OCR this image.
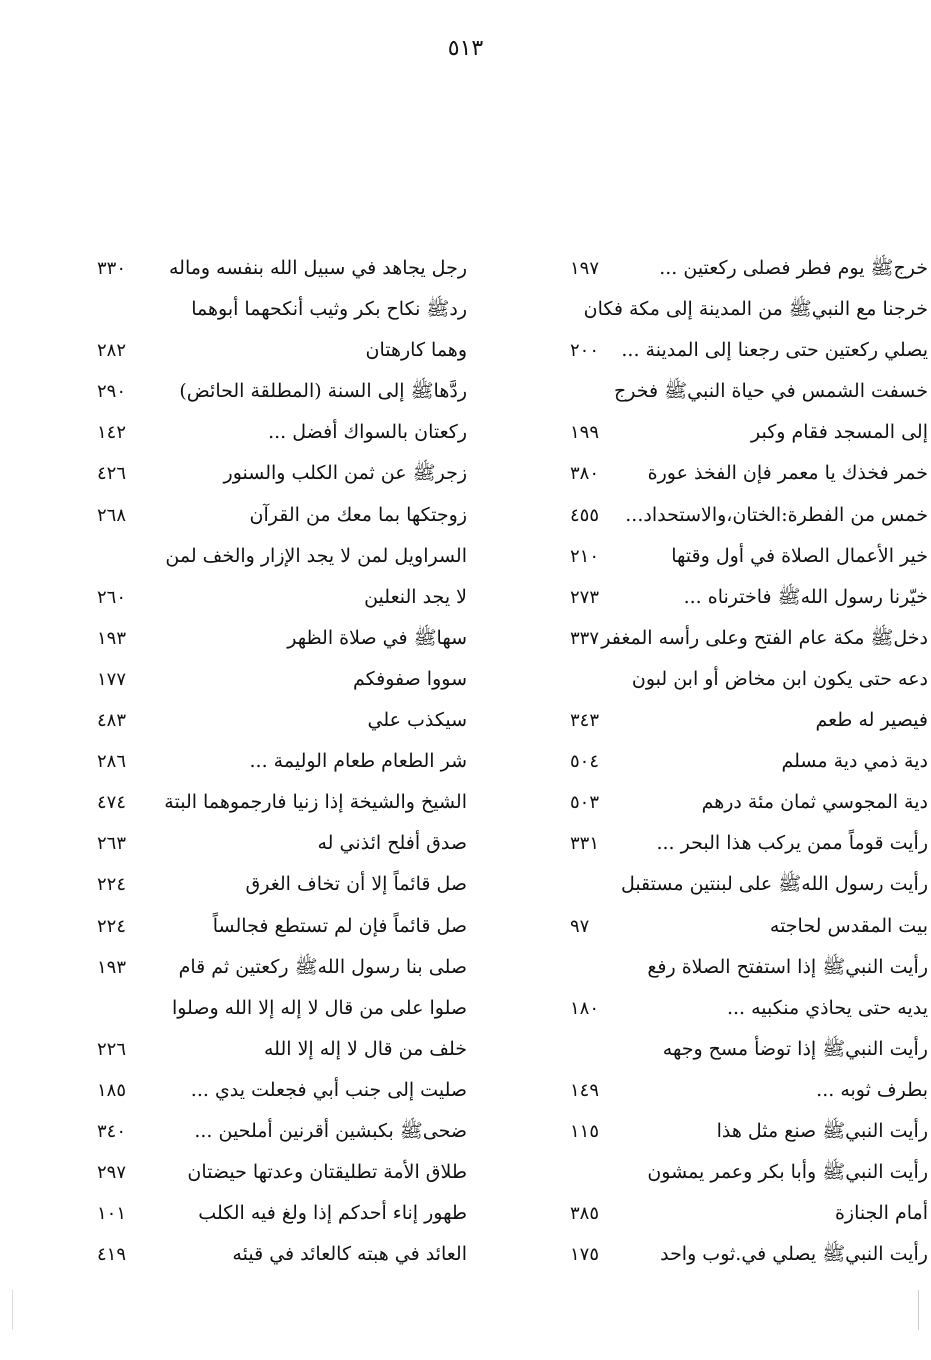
٥١٣
خرجﷺ يوم فطر فصلى ركعتين ...
١٩٧
خرجنا مع النبيﷺ من المدينة إلى مكة فكان
يصلي ركعتين حتى رجعنا إلى المدينة ...
٢٠٠
خسفت الشمس في حياة النبيﷺ فخرج
إلى المسجد فقام وكبر
١٩٩
خمر فخذك يا معمر فإن الفخذ عورة
٣٨٠
خمس من الفطرة:الختان،والاستحداد...
٤٥٥
خير الأعمال الصلاة في أول وقتها
٢١٠
خيّرنا رسول اللهﷺ فاخترناه ...
٢٧٣
دخلﷺ مكة عام الفتح وعلى رأسه المغفر
٣٣٧
دعه حتى يكون ابن مخاض أو ابن لبون
فيصير له طعم
٣٤٣
دية ذمي دية مسلم
٥٠٤
دية المجوسي ثمان مئة درهم
٥٠٣
رأيت قوماً ممن يركب هذا البحر ...
٣٣١
رأيت رسول اللهﷺ على لبنتين مستقبل
بيت المقدس لحاجته
٩٧
رأيت النبيﷺ إذا استفتح الصلاة رفع
يديه حتى يحاذي منكبيه ...
١٨٠
رأيت النبيﷺ إذا توضأ مسح وجهه
بطرف ثوبه ...
١٤٩
رأيت النبيﷺ صنع مثل هذا
١١٥
رأيت النبيﷺ وأبا بكر وعمر يمشون
أمام الجنازة
٣٨٥
رأيت النبيﷺ يصلي في.ثوب واحد
١٧٥
رجل يجاهد في سبيل الله بنفسه وماله
٣٣٠
ردﷺ نكاح بكر وثيب أنكحهما أبوهما
وهما كارهتان
٢٨٢
ردَّهاﷺ إلى السنة (المطلقة الحائض)
٢٩٠
ركعتان بالسواك أفضل ...
١٤٢
زجرﷺ عن ثمن الكلب والسنور
٤٢٦
زوجتكها بما معك من القرآن
٢٦٨
السراويل لمن لا يجد الإزار والخف لمن
لا يجد النعلين
٢٦٠
سهاﷺ في صلاة الظهر
١٩٣
سووا صفوفكم
١٧٧
سيكذب علي
٤٨٣
شر الطعام طعام الوليمة ...
٢٨٦
الشيخ والشيخة إذا زنيا فارجموهما البتة
٤٧٤
صدق أفلح ائذني له
٢٦٣
صل قائماً إلا أن تخاف الغرق
٢٢٤
صل قائماً فإن لم تستطع فجالساً
٢٢٤
صلى بنا رسول اللهﷺ ركعتين ثم قام
١٩٣
صلوا على من قال لا إله إلا الله وصلوا
خلف من قال لا إله إلا الله
٢٢٦
صليت إلى جنب أبي فجعلت يدي ...
١٨٥
ضحىﷺ بكبشين أقرنين أملحين ...
٣٤٠
طلاق الأمة تطليقتان وعدتها حيضتان
٢٩٧
طهور إناء أحدكم إذا ولغ فيه الكلب
١٠١
العائد في هبته كالعائد في قيئه
٤١٩
